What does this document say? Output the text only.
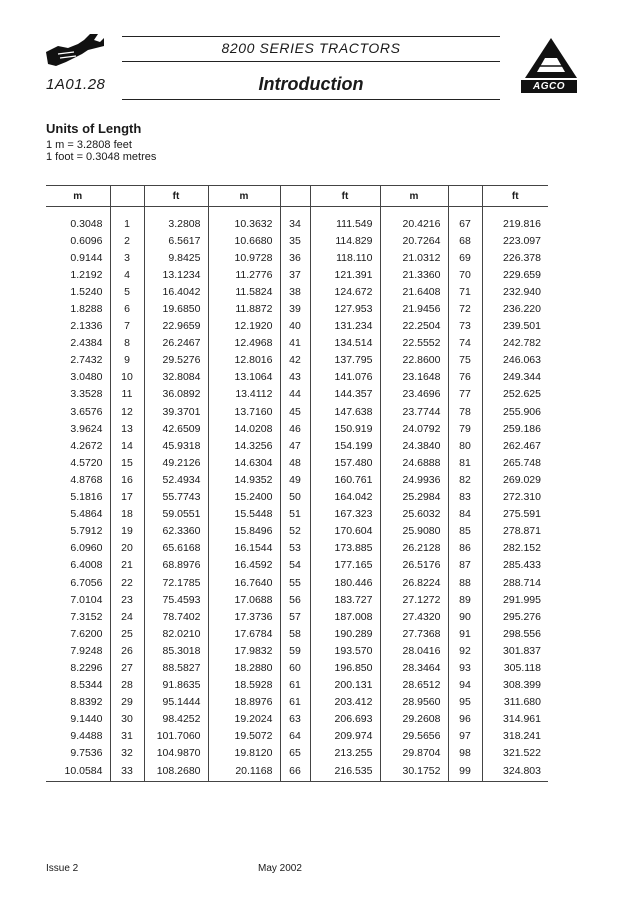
8200 SERIES TRACTORS
1A01.28	Introduction	AGCO
Units of Length
1 m = 3.2808 feet
1 foot = 0.3048 metres
m		ft	m		ft	m		ft
0.3048	1	3.2808	10.3632	34	111.549	20.4216	67	219.816
0.6096	2	6.5617	10.6680	35	114.829	20.7264	68	223.097
0.9144	3	9.8425	10.9728	36	118.110	21.0312	69	226.378
1.2192	4	13.1234	11.2776	37	121.391	21.3360	70	229.659
1.5240	5	16.4042	11.5824	38	124.672	21.6408	71	232.940
1.8288	6	19.6850	11.8872	39	127.953	21.9456	72	236.220
2.1336	7	22.9659	12.1920	40	131.234	22.2504	73	239.501
2.4384	8	26.2467	12.4968	41	134.514	22.5552	74	242.782
2.7432	9	29.5276	12.8016	42	137.795	22.8600	75	246.063
3.0480	10	32.8084	13.1064	43	141.076	23.1648	76	249.344
3.3528	11	36.0892	13.4112	44	144.357	23.4696	77	252.625
3.6576	12	39.3701	13.7160	45	147.638	23.7744	78	255.906
3.9624	13	42.6509	14.0208	46	150.919	24.0792	79	259.186
4.2672	14	45.9318	14.3256	47	154.199	24.3840	80	262.467
4.5720	15	49.2126	14.6304	48	157.480	24.6888	81	265.748
4.8768	16	52.4934	14.9352	49	160.761	24.9936	82	269.029
5.1816	17	55.7743	15.2400	50	164.042	25.2984	83	272.310
5.4864	18	59.0551	15.5448	51	167.323	25.6032	84	275.591
5.7912	19	62.3360	15.8496	52	170.604	25.9080	85	278.871
6.0960	20	65.6168	16.1544	53	173.885	26.2128	86	282.152
6.4008	21	68.8976	16.4592	54	177.165	26.5176	87	285.433
6.7056	22	72.1785	16.7640	55	180.446	26.8224	88	288.714
7.0104	23	75.4593	17.0688	56	183.727	27.1272	89	291.995
7.3152	24	78.7402	17.3736	57	187.008	27.4320	90	295.276
7.6200	25	82.0210	17.6784	58	190.289	27.7368	91	298.556
7.9248	26	85.3018	17.9832	59	193.570	28.0416	92	301.837
8.2296	27	88.5827	18.2880	60	196.850	28.3464	93	305.118
8.5344	28	91.8635	18.5928	61	200.131	28.6512	94	308.399
8.8392	29	95.1444	18.8976	61	203.412	28.9560	95	311.680
9.1440	30	98.4252	19.2024	63	206.693	29.2608	96	314.961
9.4488	31	101.7060	19.5072	64	209.974	29.5656	97	318.241
9.7536	32	104.9870	19.8120	65	213.255	29.8704	98	321.522
10.0584	33	108.2680	20.1168	66	216.535	30.1752	99	324.803
Issue 2	May 2002
